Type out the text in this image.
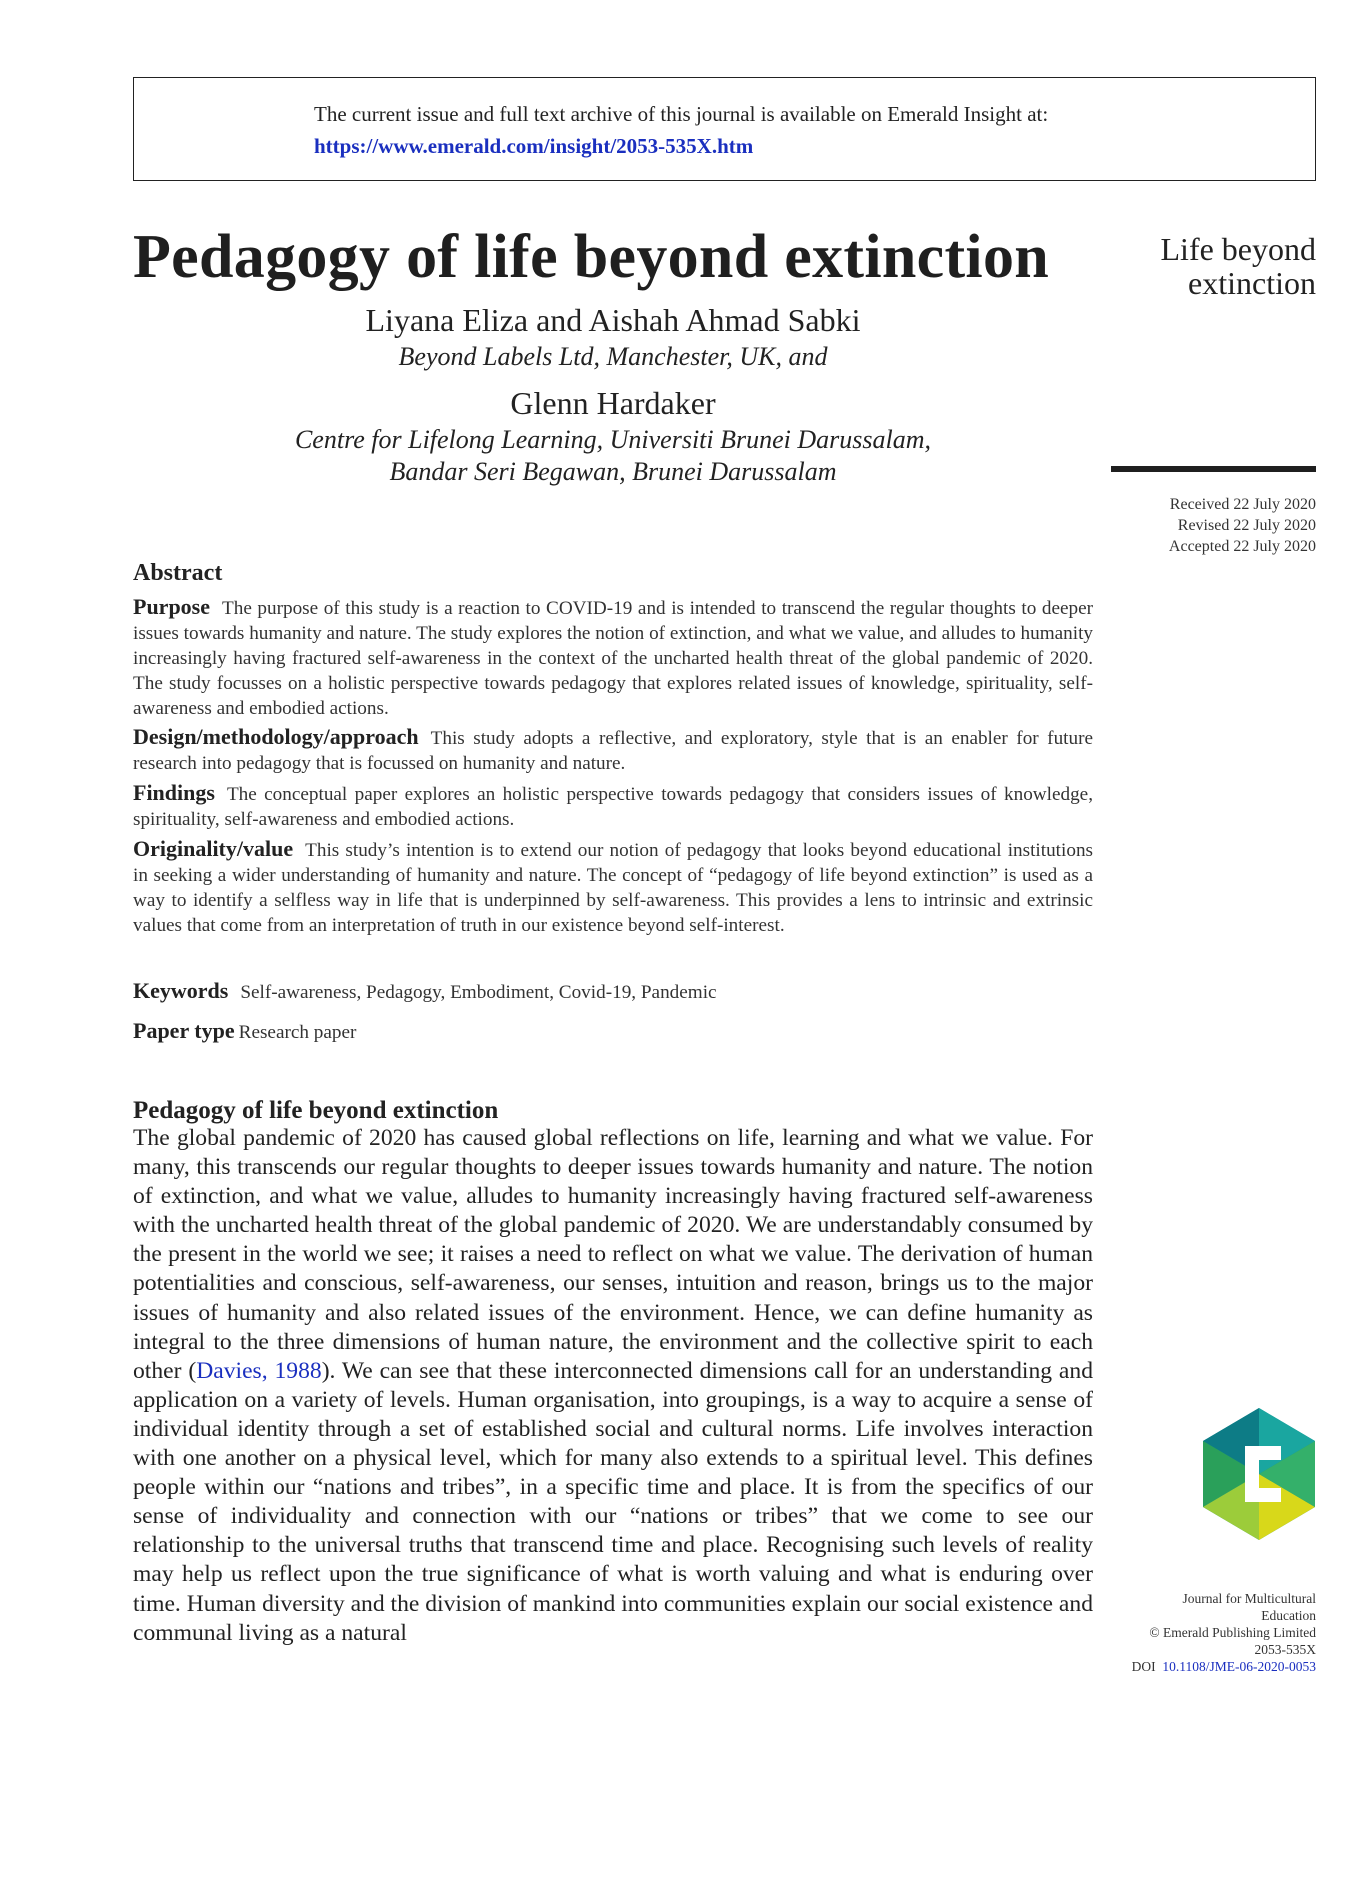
The current issue and full text archive of this journal is available on Emerald Insight at:
https://www.emerald.com/insight/2053-535X.htm
Pedagogy of life beyond extinction
Liyana Eliza and Aishah Ahmad Sabki
Beyond Labels Ltd, Manchester, UK, and
Glenn Hardaker
Centre for Lifelong Learning, Universiti Brunei Darussalam,
Bandar Seri Begawan, Brunei Darussalam
Life beyond
extinction
Received 22 July 2020
Revised 22 July 2020
Accepted 22 July 2020
Abstract

Purpose The purpose of this study is a reaction to COVID-19 and is intended to transcend the regular thoughts to deeper issues towards humanity and nature. The study explores the notion of extinction, and what we value, and alludes to humanity increasingly having fractured self-awareness in the context of the uncharted health threat of the global pandemic of 2020. The study focusses on a holistic perspective towards pedagogy that explores related issues of knowledge, spirituality, self-awareness and embodied actions.

Design/methodology/approach This study adopts a reflective, and exploratory, style that is an enabler for future research into pedagogy that is focussed on humanity and nature.

Findings The conceptual paper explores an holistic perspective towards pedagogy that considers issues of knowledge, spirituality, self-awareness and embodied actions.

Originality/value This study’s intention is to extend our notion of pedagogy that looks beyond educational institutions in seeking a wider understanding of humanity and nature. The concept of “pedagogy of life beyond extinction” is used as a way to identify a selfless way in life that is underpinned by self-awareness. This provides a lens to intrinsic and extrinsic values that come from an interpretation of truth in our existence beyond self-interest.

Keywords Self-awareness, Pedagogy, Embodiment, Covid-19, Pandemic
Paper type Research paper
Pedagogy of life beyond extinction

The global pandemic of 2020 has caused global reflections on life, learning and what we value. For many, this transcends our regular thoughts to deeper issues towards humanity and nature. The notion of extinction, and what we value, alludes to humanity increasingly having fractured self-awareness with the uncharted health threat of the global pandemic of 2020. We are understandably consumed by the present in the world we see; it raises a need to reflect on what we value. The derivation of human potentialities and conscious, self-awareness, our senses, intuition and reason, brings us to the major issues of humanity and also related issues of the environment. Hence, we can define humanity as integral to the three dimensions of human nature, the environment and the collective spirit to each other (Davies, 1988). We can see that these interconnected dimensions call for an understanding and application on a variety of levels. Human organisation, into groupings, is a way to acquire a sense of individual identity through a set of established social and cultural norms. Life involves interaction with one another on a physical level, which for many also extends to a spiritual level. This defines people within our “nations and tribes”, in a specific time and place. It is from the specifics of our sense of individuality and connection with our “nations or tribes” that we come to see our relationship to the universal truths that transcend time and place. Recognising such levels of reality may help us reflect upon the true significance of what is worth valuing and what is enduring over time. Human diversity and the division of mankind into communities explain our social existence and communal living as a natural

Journal for Multicultural
Education
© Emerald Publishing Limited
2053-535X
DOI 10.1108/JME-06-2020-0053
